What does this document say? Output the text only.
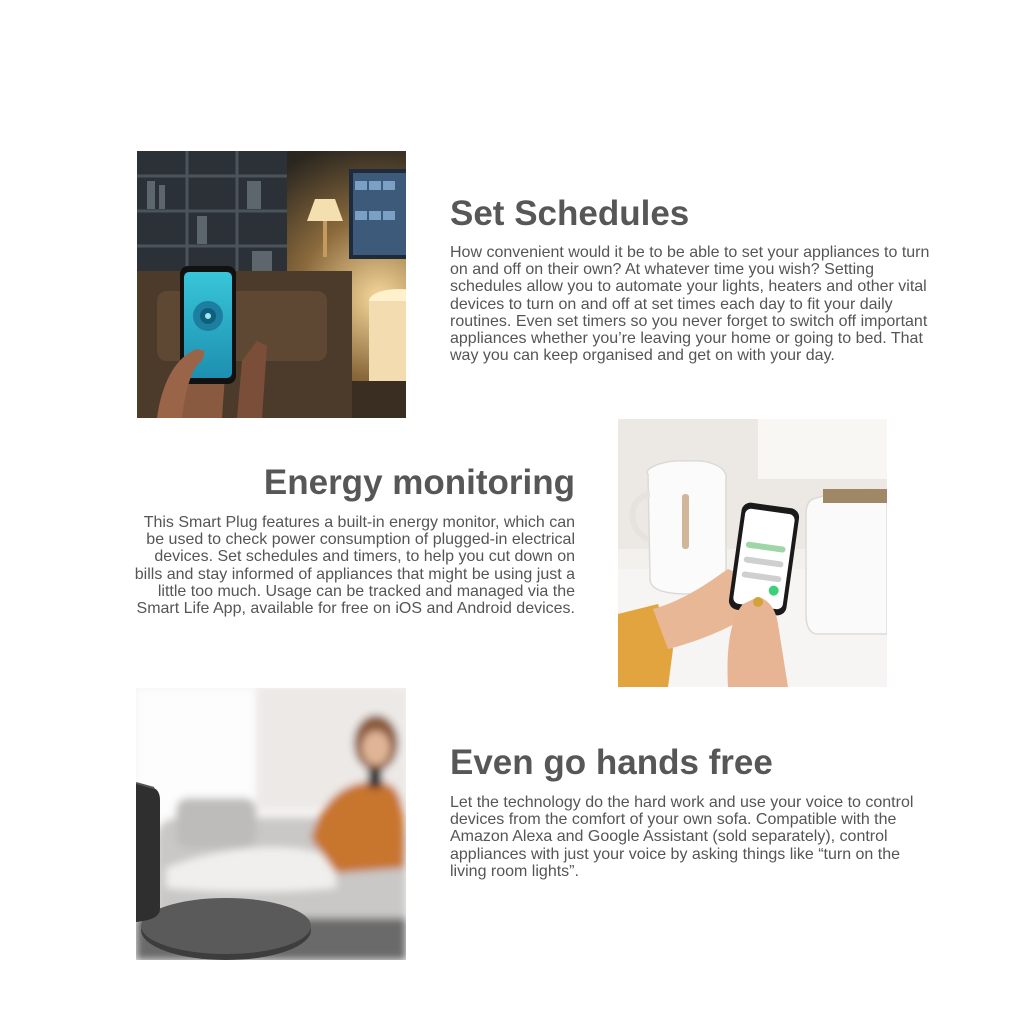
Set Schedules

How convenient would it be to be able to set your appliances to turn on and off on their own? At whatever time you wish? Setting schedules allow you to automate your lights, heaters and other vital devices to turn on and off at set times each day to fit your daily routines. Even set timers so you never forget to switch off important appliances whether you’re leaving your home or going to bed. That way you can keep organised and get on with your day.

Energy monitoring

This Smart Plug features a built-in energy monitor, which can be used to check power consumption of plugged-in electrical devices. Set schedules and timers, to help you cut down on bills and stay informed of appliances that might be using just a little too much. Usage can be tracked and managed via the Smart Life App, available for free on iOS and Android devices.

Even go hands free

Let the technology do the hard work and use your voice to control devices from the comfort of your own sofa. Compatible with the Amazon Alexa and Google Assistant (sold separately), control appliances with just your voice by asking things like “turn on the living room lights”.
